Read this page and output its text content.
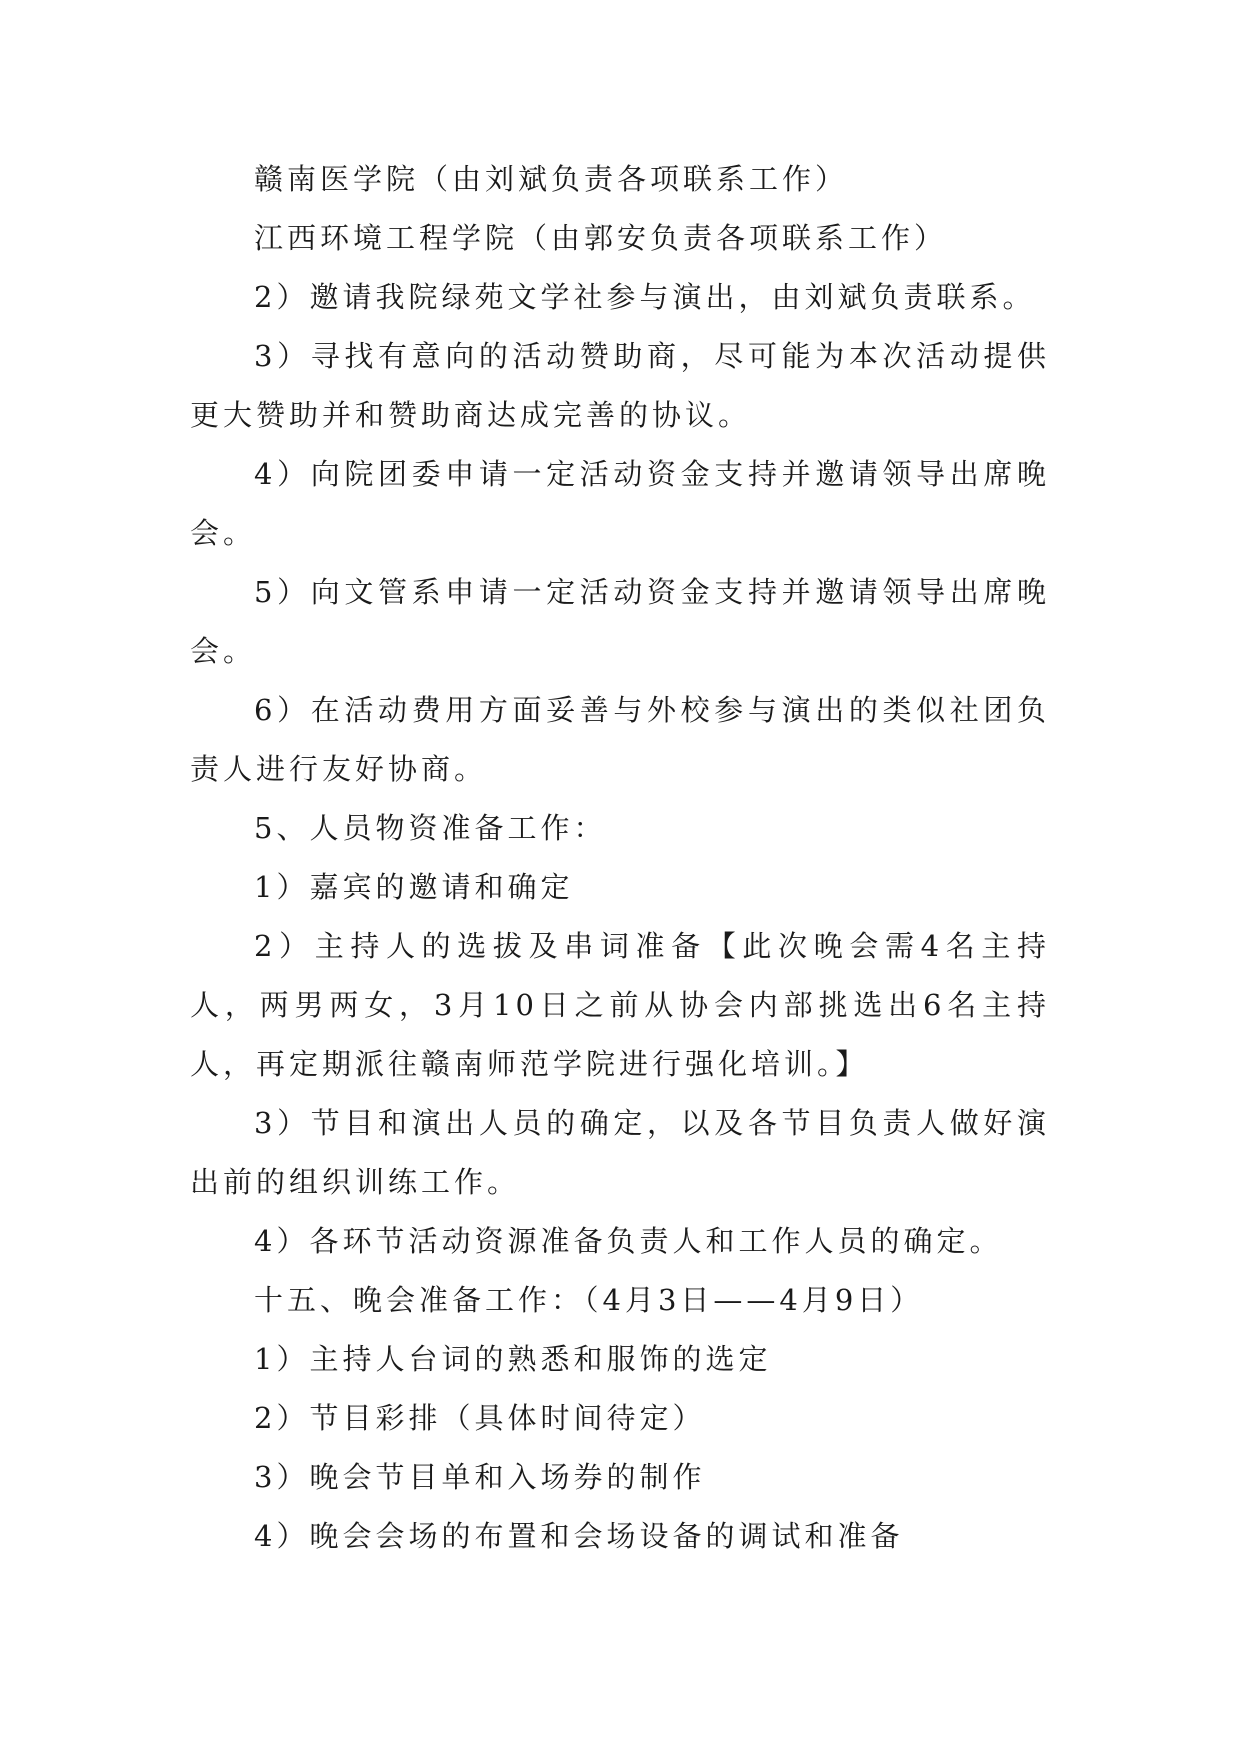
赣南医学院（由刘斌负责各项联系工作）

江西环境工程学院（由郭安负责各项联系工作）

2）邀请我院绿苑文学社参与演出，由刘斌负责联系。

3）寻找有意向的活动赞助商，尽可能为本次活动提供更大赞助并和赞助商达成完善的协议。

4）向院团委申请一定活动资金支持并邀请领导出席晚会。

5）向文管系申请一定活动资金支持并邀请领导出席晚会。

6）在活动费用方面妥善与外校参与演出的类似社团负责人进行友好协商。

5、人员物资准备工作：

1）嘉宾的邀请和确定

2）主持人的选拔及串词准备【此次晚会需4名主持人，两男两女，3月10日之前从协会内部挑选出6名主持人，再定期派往赣南师范学院进行强化培训。】

3）节目和演出人员的确定，以及各节目负责人做好演出前的组织训练工作。

4）各环节活动资源准备负责人和工作人员的确定。

十五、晚会准备工作：（4月3日——4月9日）

1）主持人台词的熟悉和服饰的选定

2）节目彩排（具体时间待定）

3）晚会节目单和入场券的制作

4）晚会会场的布置和会场设备的调试和准备
